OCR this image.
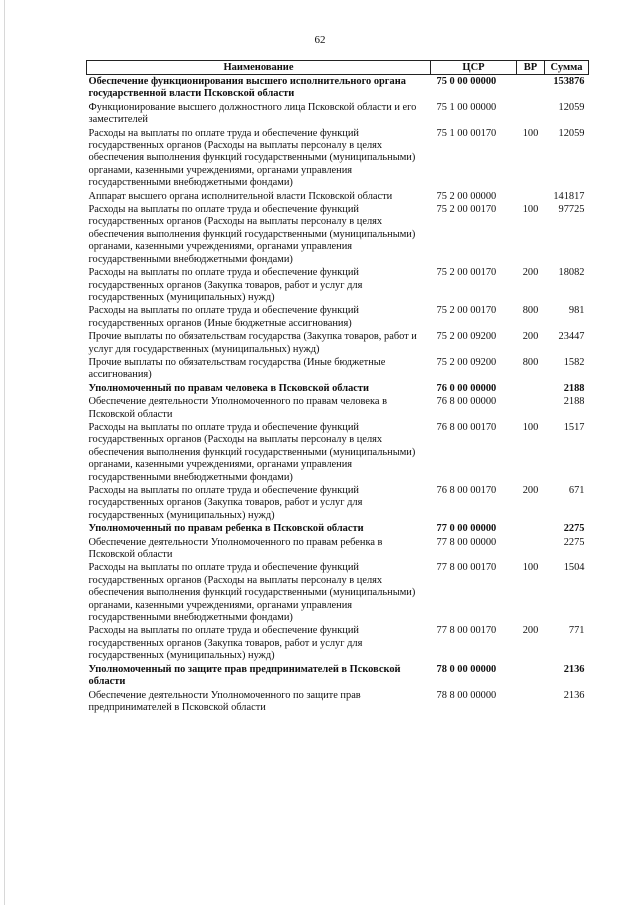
62
Наименование	ЦСР	ВР	Сумма
Обеспечение функционирования высшего исполнительного органа государственной власти Псковской области	75 0 00 00000		153876
Функционирование высшего должностного лица Псковской области и его заместителей	75 1 00 00000		12059
Расходы на выплаты по оплате труда и обеспечение функций государственных органов (Расходы на выплаты персоналу в целях обеспечения выполнения функций государственными (муниципальными) органами, казенными учреждениями, органами управления государственными внебюджетными фондами)	75 1 00 00170	100	12059
Аппарат высшего органа исполнительной власти Псковской области	75 2 00 00000		141817
Расходы на выплаты по оплате труда и обеспечение функций государственных органов (Расходы на выплаты персоналу в целях обеспечения выполнения функций государственными (муниципальными) органами, казенными учреждениями, органами управления государственными внебюджетными фондами)	75 2 00 00170	100	97725
Расходы на выплаты по оплате труда и обеспечение функций государственных органов (Закупка товаров, работ и услуг для государственных (муниципальных) нужд)	75 2 00 00170	200	18082
Расходы на выплаты по оплате труда и обеспечение функций государственных органов (Иные бюджетные ассигнования)	75 2 00 00170	800	981
Прочие выплаты по обязательствам государства (Закупка товаров, работ и услуг для государственных (муниципальных) нужд)	75 2 00 09200	200	23447
Прочие выплаты по обязательствам государства (Иные бюджетные ассигнования)	75 2 00 09200	800	1582
Уполномоченный по правам человека в Псковской области	76 0 00 00000		2188
Обеспечение деятельности Уполномоченного по правам человека в Псковской области	76 8 00 00000		2188
Расходы на выплаты по оплате труда и обеспечение функций государственных органов (Расходы на выплаты персоналу в целях обеспечения выполнения функций государственными (муниципальными) органами, казенными учреждениями, органами управления государственными внебюджетными фондами)	76 8 00 00170	100	1517
Расходы на выплаты по оплате труда и обеспечение функций государственных органов (Закупка товаров, работ и услуг для государственных (муниципальных) нужд)	76 8 00 00170	200	671
Уполномоченный по правам ребенка в Псковской области	77 0 00 00000		2275
Обеспечение деятельности Уполномоченного по правам ребенка в Псковской области	77 8 00 00000		2275
Расходы на выплаты по оплате труда и обеспечение функций государственных органов (Расходы на выплаты персоналу в целях обеспечения выполнения функций государственными (муниципальными) органами, казенными учреждениями, органами управления государственными внебюджетными фондами)	77 8 00 00170	100	1504
Расходы на выплаты по оплате труда и обеспечение функций государственных органов (Закупка товаров, работ и услуг для государственных (муниципальных) нужд)	77 8 00 00170	200	771
Уполномоченный по защите прав предпринимателей в Псковской области	78 0 00 00000		2136
Обеспечение деятельности Уполномоченного по защите прав предпринимателей в Псковской области	78 8 00 00000		2136
